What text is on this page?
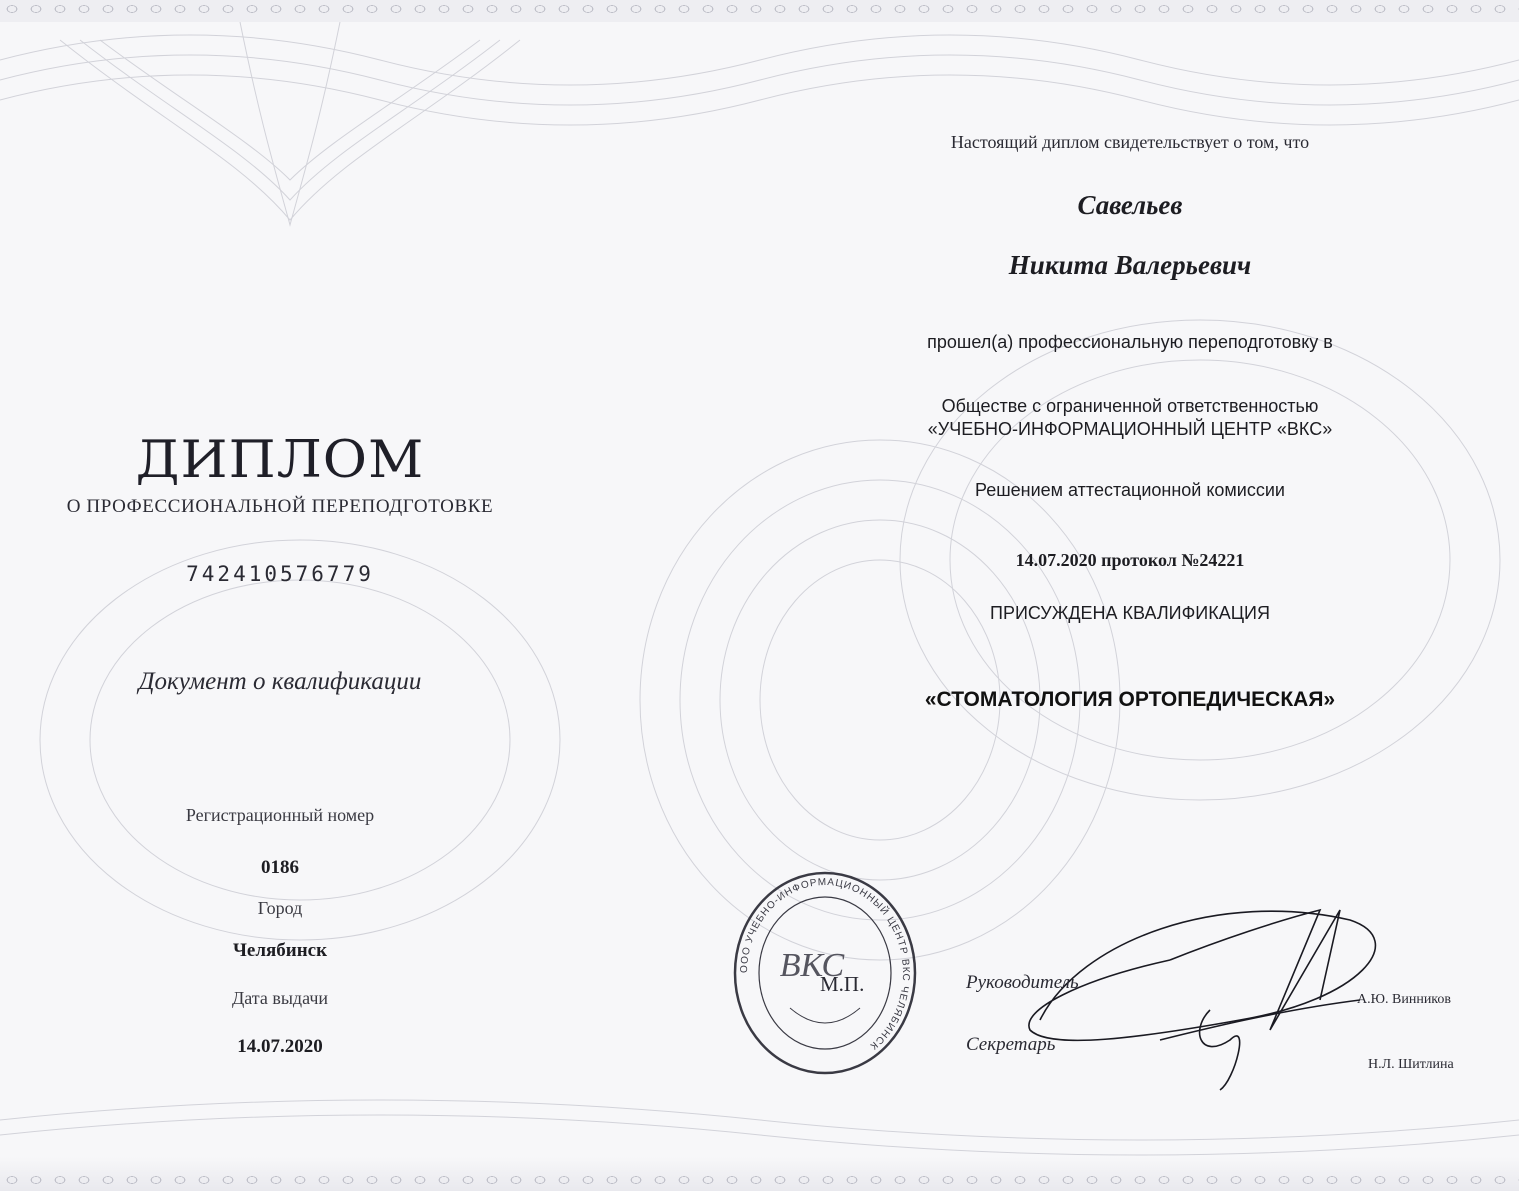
ДИПЛОМ
О ПРОФЕССИОНАЛЬНОЙ ПЕРЕПОДГОТОВКЕ
742410576779
Документ о квалификации
Регистрационный номер
0186
Город
Челябинск
Дата выдачи
14.07.2020
Настоящий диплом свидетельствует о том, что
Савельев
Никита Валерьевич
прошел(а) профессиональную переподготовку в
Обществе с ограниченной ответственностью
«УЧЕБНО-ИНФОРМАЦИОННЫЙ ЦЕНТР «ВКС»
Решением аттестационной комиссии
14.07.2020 протокол №24221
ПРИСУЖДЕНА КВАЛИФИКАЦИЯ
«СТОМАТОЛОГИЯ ОРТОПЕДИЧЕСКАЯ»
ООО УЧЕБНО-ИНФОРМАЦИОННЫЙ ЦЕНТР ВКС ЧЕЛЯБИНСК
ВКС
М.П.	Руководитель
А.Ю. Винников
Секретарь
Н.Л. Шитлина
